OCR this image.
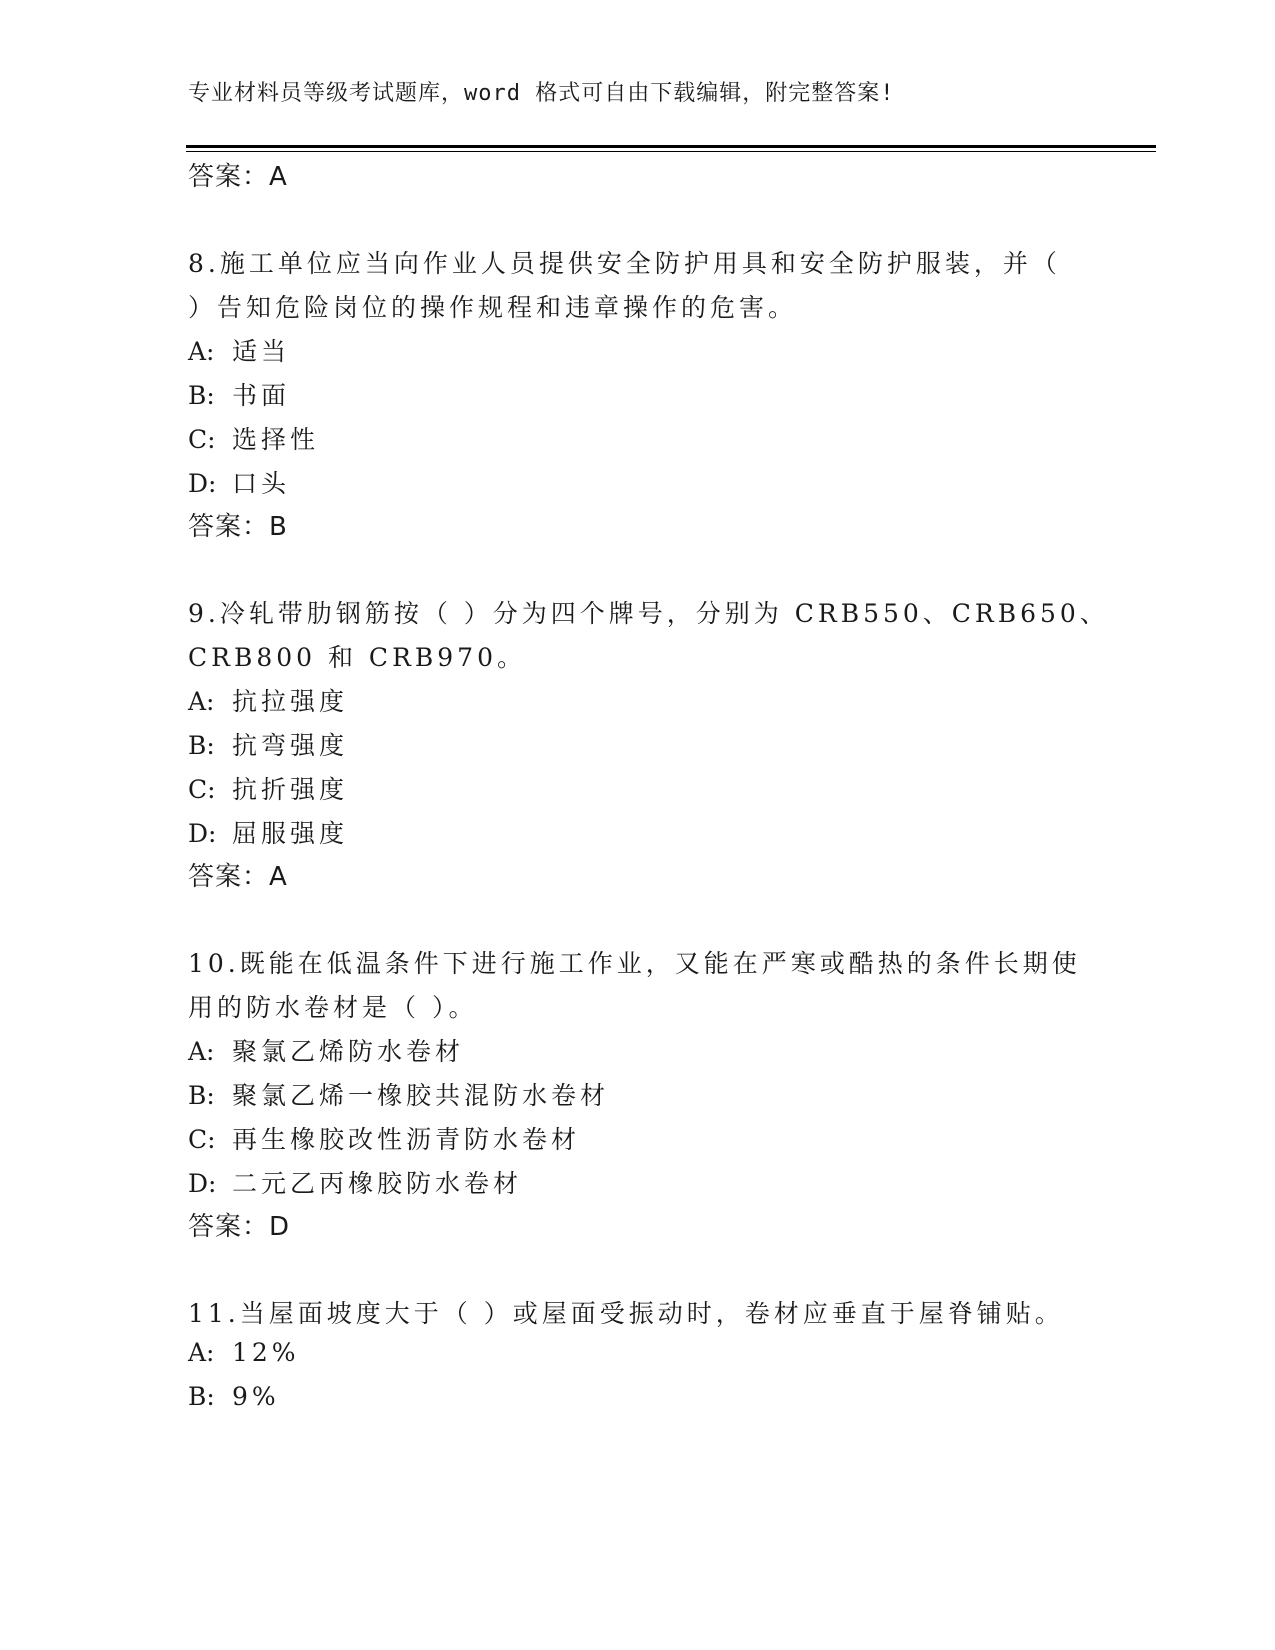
专业材料员等级考试题库，word 格式可自由下载编辑，附完整答案!
答案：A
8.施工单位应当向作业人员提供安全防护用具和安全防护服装，并（
）告知危险岗位的操作规程和违章操作的危害。
A: 适当
B: 书面
C: 选择性
D: 口头
答案：B
9.冷轧带肋钢筋按（ ）分为四个牌号，分别为 CRB550、CRB650、
CRB800 和 CRB970。
A: 抗拉强度
B: 抗弯强度
C: 抗折强度
D: 屈服强度
答案：A
10.既能在低温条件下进行施工作业，又能在严寒或酷热的条件长期使
用的防水卷材是（ ）。
A: 聚氯乙烯防水卷材
B: 聚氯乙烯一橡胶共混防水卷材
C: 再生橡胶改性沥青防水卷材
D: 二元乙丙橡胶防水卷材
答案：D
11.当屋面坡度大于（ ）或屋面受振动时，卷材应垂直于屋脊铺贴。
A: 12%
B: 9%
